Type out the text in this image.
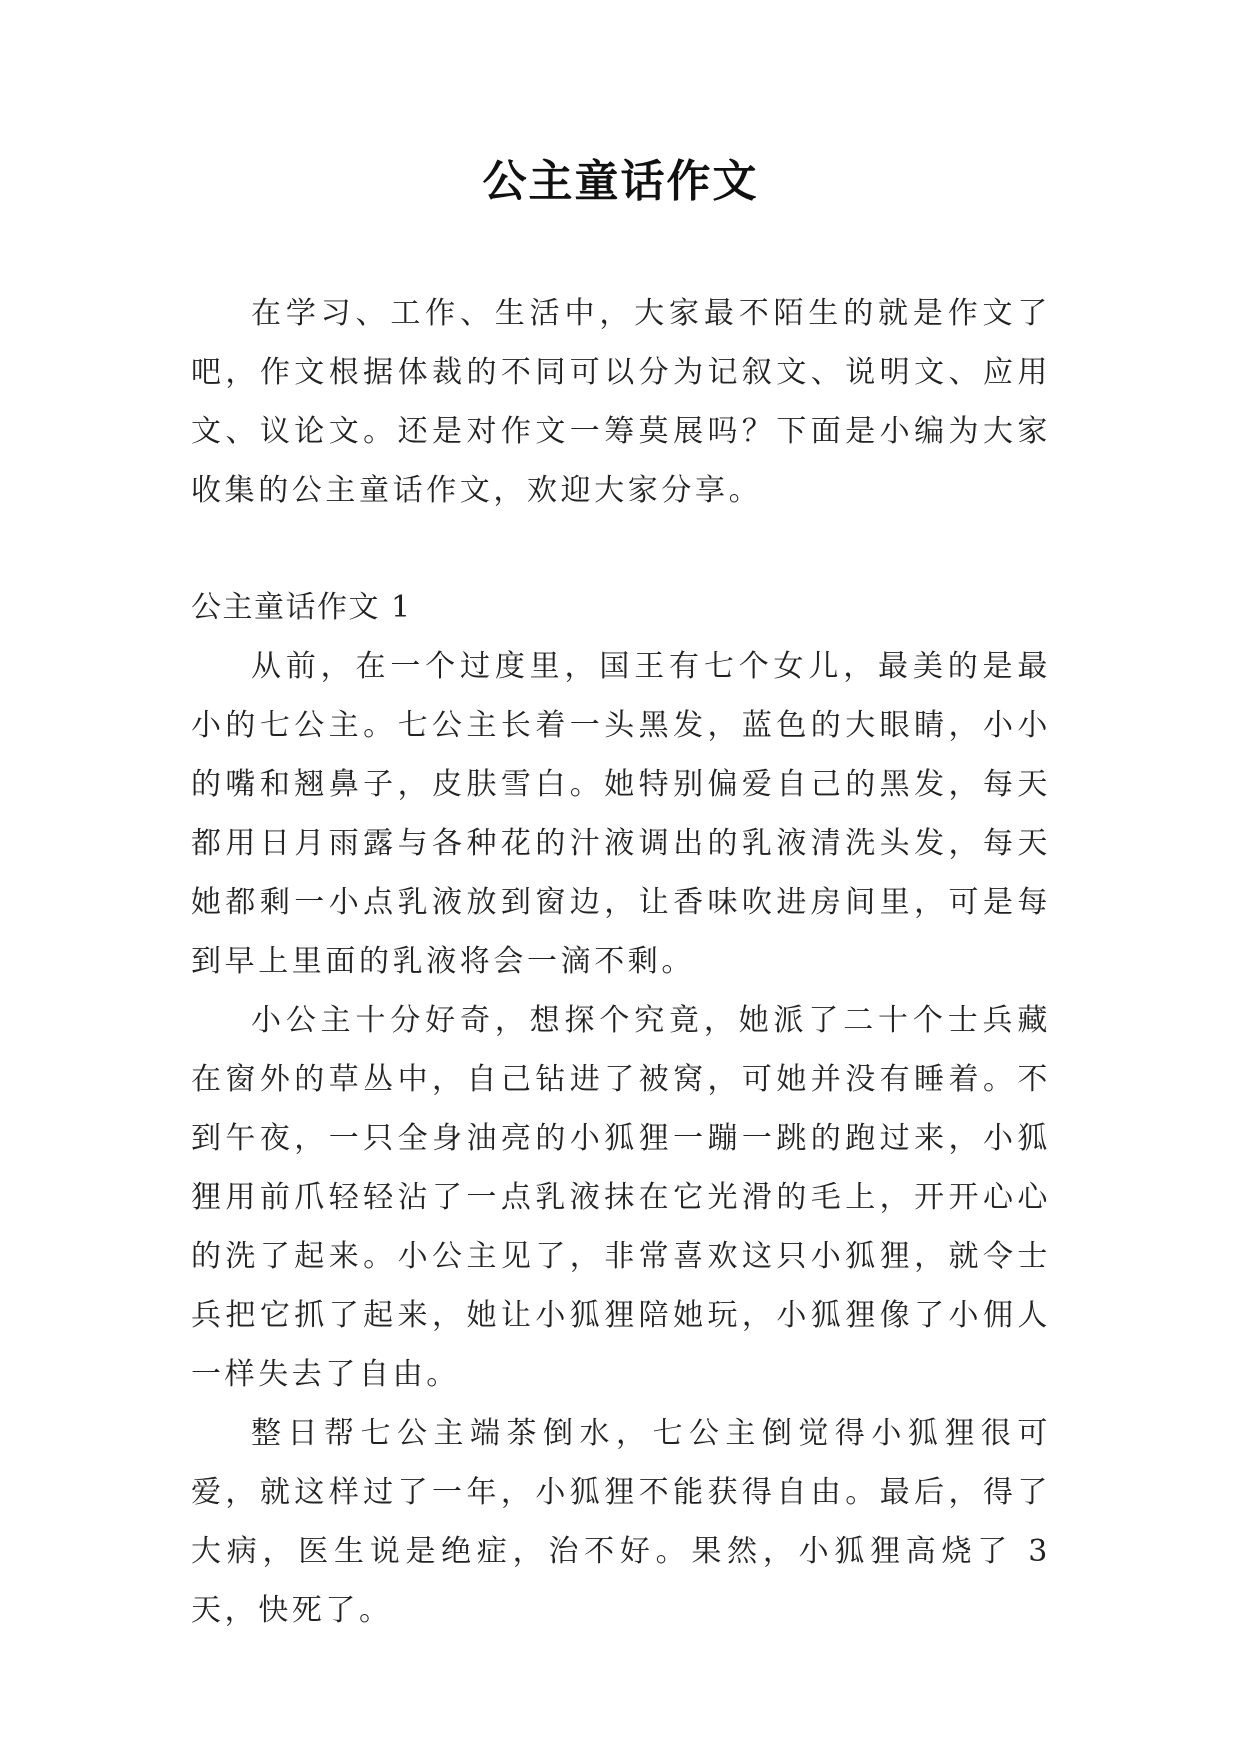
公主童话作文

在学习、工作、生活中，大家最不陌生的就是作文了吧，作文根据体裁的不同可以分为记叙文、说明文、应用文、议论文。还是对作文一筹莫展吗？下面是小编为大家收集的公主童话作文，欢迎大家分享。

公主童话作文 1

从前，在一个过度里，国王有七个女儿，最美的是最小的七公主。七公主长着一头黑发，蓝色的大眼睛，小小的嘴和翘鼻子，皮肤雪白。她特别偏爱自己的黑发，每天都用日月雨露与各种花的汁液调出的乳液清洗头发，每天她都剩一小点乳液放到窗边，让香味吹进房间里，可是每到早上里面的乳液将会一滴不剩。

小公主十分好奇，想探个究竟，她派了二十个士兵藏在窗外的草丛中，自己钻进了被窝，可她并没有睡着。不到午夜，一只全身油亮的小狐狸一蹦一跳的跑过来，小狐狸用前爪轻轻沾了一点乳液抹在它光滑的毛上，开开心心的洗了起来。小公主见了，非常喜欢这只小狐狸，就令士兵把它抓了起来，她让小狐狸陪她玩，小狐狸像了小佣人一样失去了自由。

整日帮七公主端茶倒水，七公主倒觉得小狐狸很可爱，就这样过了一年，小狐狸不能获得自由。最后，得了大病，医生说是绝症，治不好。果然，小狐狸高烧了 3 天，快死了。
